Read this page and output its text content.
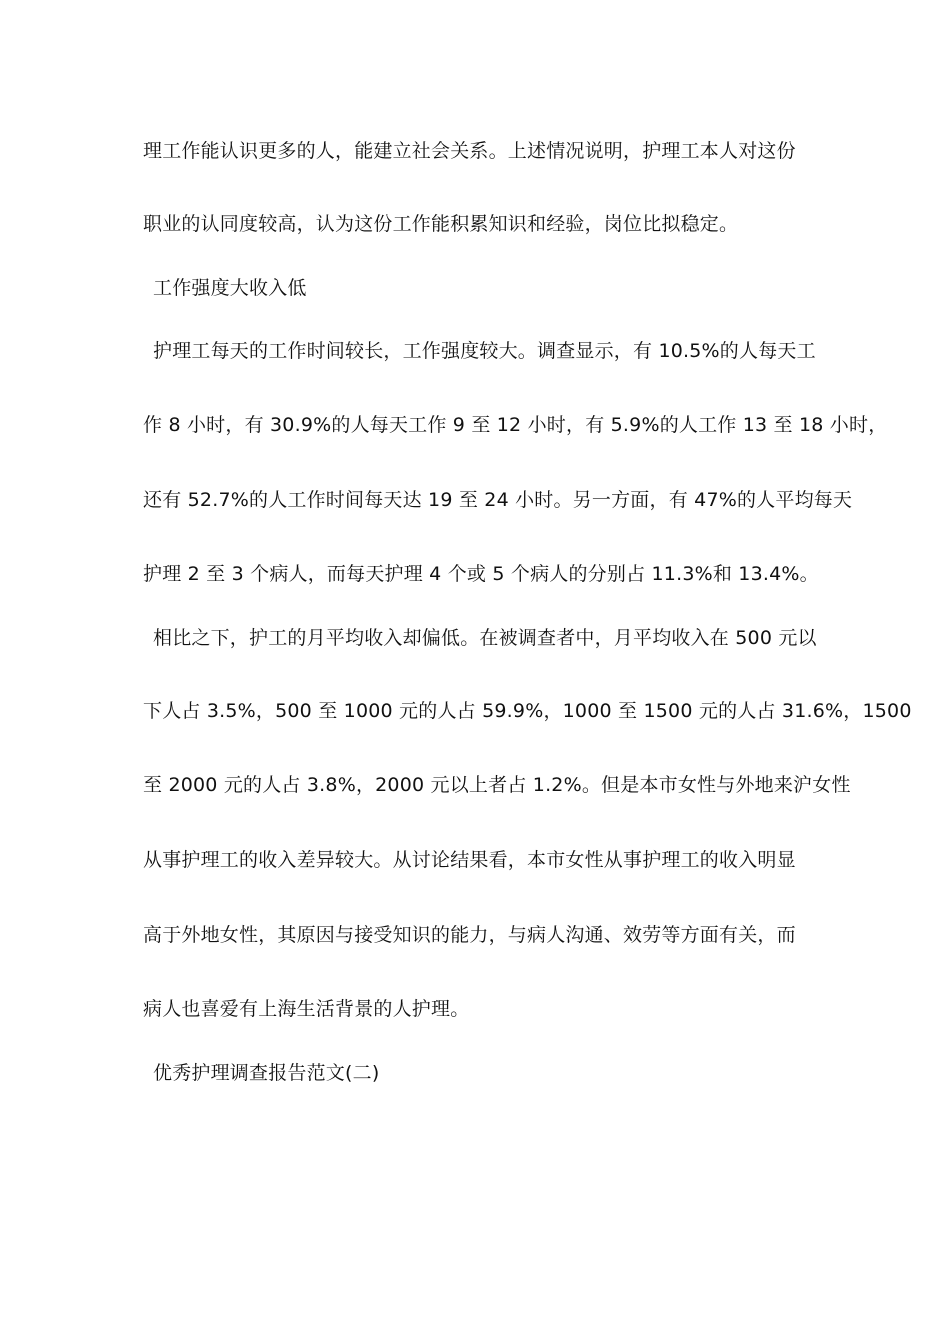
理工作能认识更多的人，能建立社会关系。上述情况说明，护理工本人对这份
职业的认同度较高，认为这份工作能积累知识和经验，岗位比拟稳定。
工作强度大收入低
护理工每天的工作时间较长，工作强度较大。调查显示，有 10.5%的人每天工
作 8 小时，有 30.9%的人每天工作 9 至 12 小时，有 5.9%的人工作 13 至 18 小时，
还有 52.7%的人工作时间每天达 19 至 24 小时。另一方面，有 47%的人平均每天
护理 2 至 3 个病人，而每天护理 4 个或 5 个病人的分别占 11.3%和 13.4%。
相比之下，护工的月平均收入却偏低。在被调查者中，月平均收入在 500 元以
下人占 3.5%，500 至 1000 元的人占 59.9%，1000 至 1500 元的人占 31.6%，1500
至 2000 元的人占 3.8%，2000 元以上者占 1.2%。但是本市女性与外地来沪女性
从事护理工的收入差异较大。从讨论结果看，本市女性从事护理工的收入明显
高于外地女性，其原因与接受知识的能力，与病人沟通、效劳等方面有关，而
病人也喜爱有上海生活背景的人护理。
优秀护理调查报告范文(二)
